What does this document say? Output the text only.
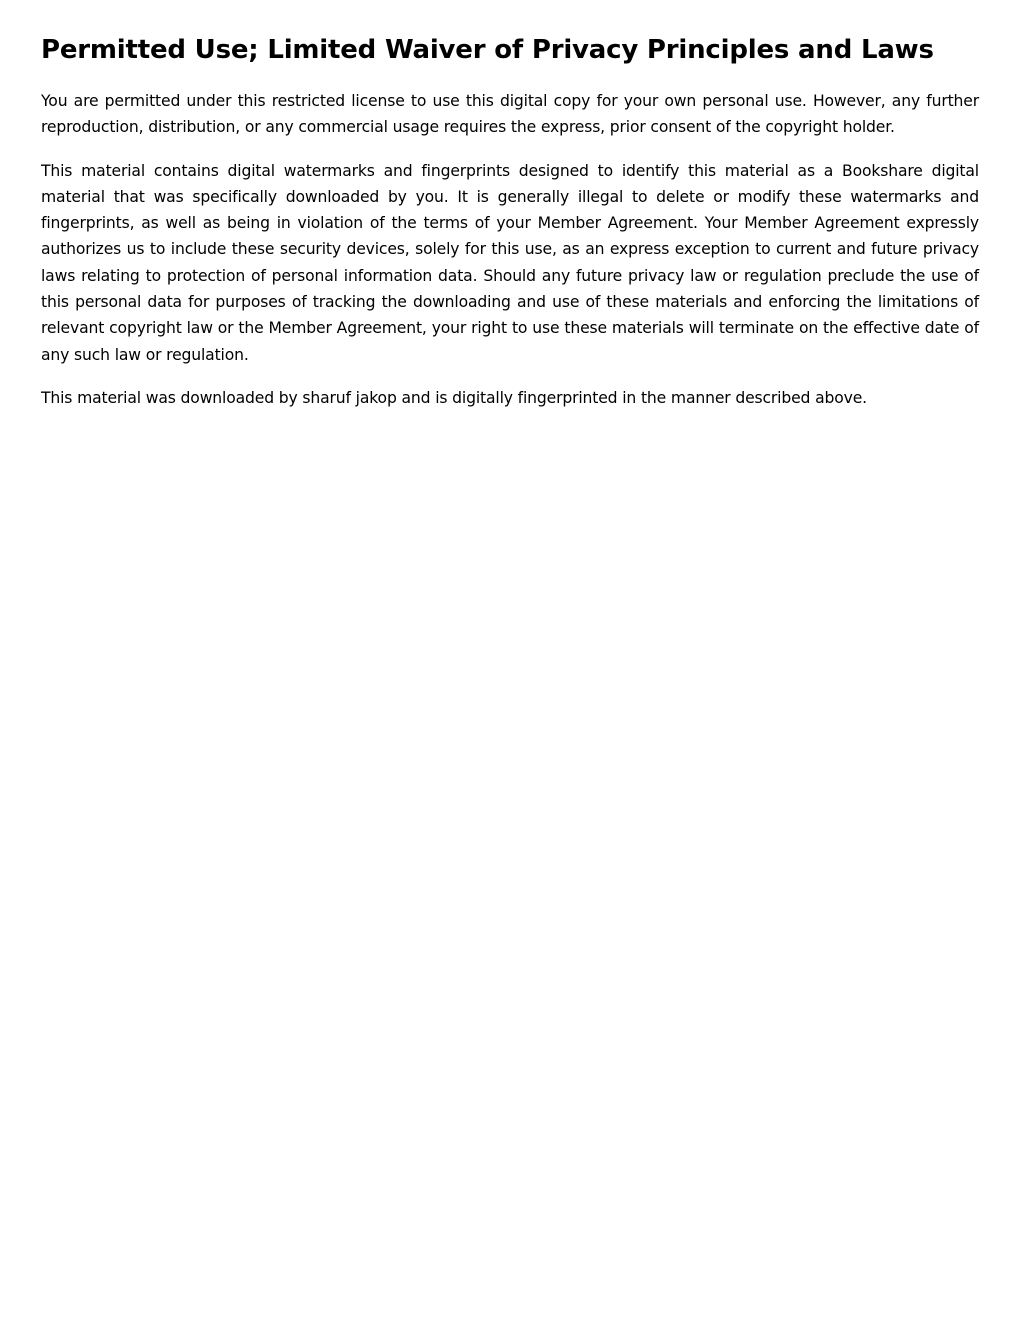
Permitted Use; Limited Waiver of Privacy Principles and Laws

You are permitted under this restricted license to use this digital copy for your own personal use. However, any further reproduction, distribution, or any commercial usage requires the express, prior consent of the copyright holder.

This material contains digital watermarks and fingerprints designed to identify this material as a Bookshare digital material that was specifically downloaded by you. It is generally illegal to delete or modify these watermarks and fingerprints, as well as being in violation of the terms of your Member Agreement. Your Member Agreement expressly authorizes us to include these security devices, solely for this use, as an express exception to current and future privacy laws relating to protection of personal information data. Should any future privacy law or regulation preclude the use of this personal data for purposes of tracking the downloading and use of these materials and enforcing the limitations of relevant copyright law or the Member Agreement, your right to use these materials will terminate on the effective date of any such law or regulation.

This material was downloaded by sharuf jakop and is digitally fingerprinted in the manner described above.
